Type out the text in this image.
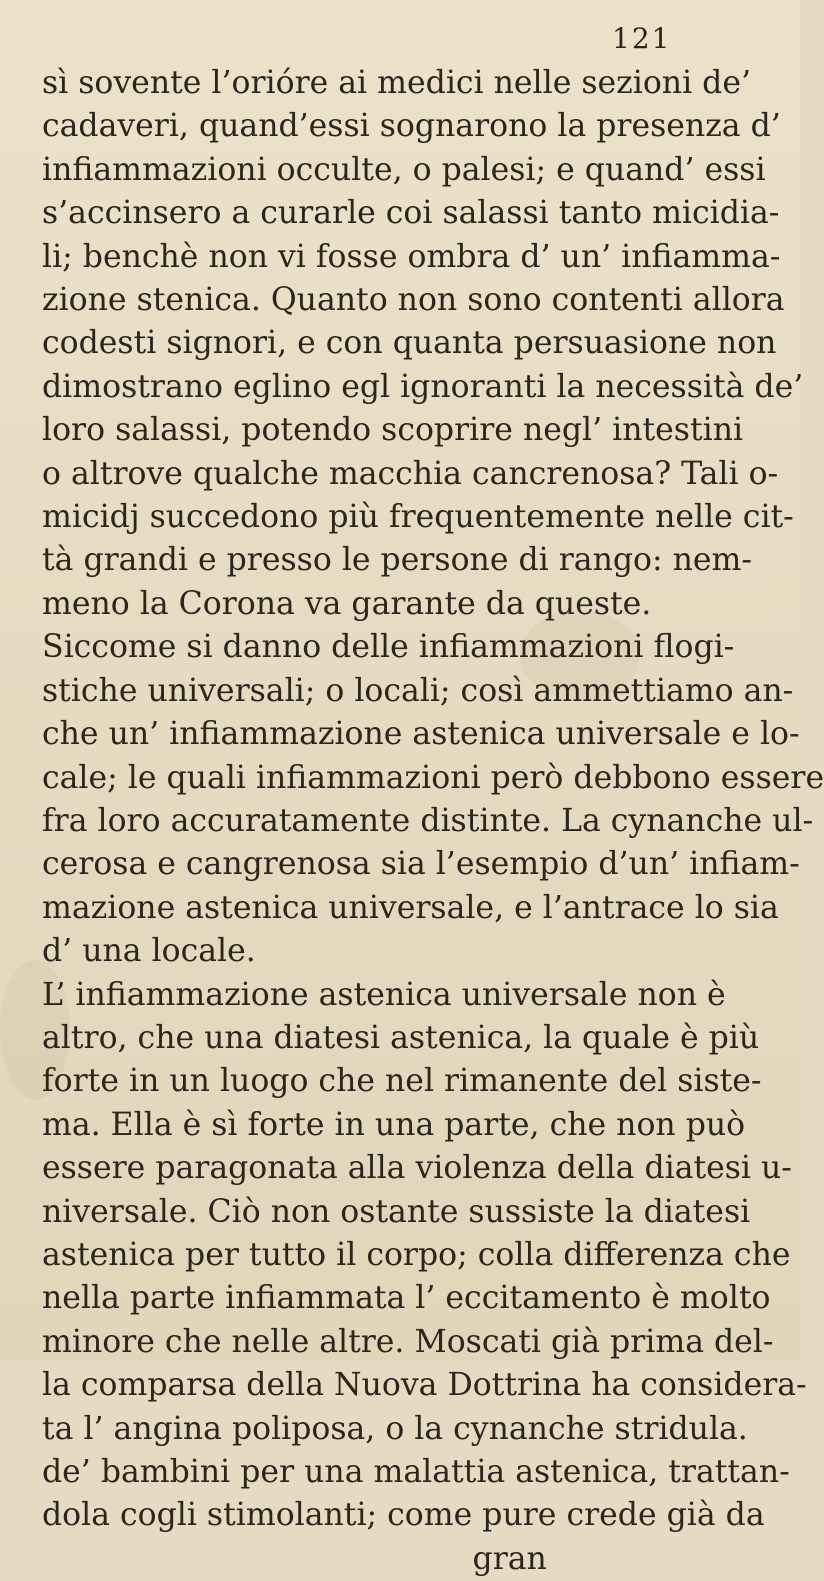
121
sì sovente l’orióre ai medici nelle sezioni de’
cadaveri, quand’essi sognarono la presenza d’
infiammazioni occulte, o palesi; e quand’ essi
s’accinsero a curarle coi salassi tanto micidia-
li; benchè non vi fosse ombra d’ un’ infiamma-
zione stenica. Quanto non sono contenti allora
codesti signori, e con quanta persuasione non
dimostrano eglino egl ignoranti la necessità de’
loro salassi, potendo scoprire negl’ intestini
o altrove qualche macchia cancrenosa? Tali o-
micidj succedono più frequentemente nelle cit-
tà grandi e presso le persone di rango: nem-
meno la Corona va garante da queste.
Siccome si danno delle infiammazioni flogi-
stiche universali; o locali; così ammettiamo an-
che un’ infiammazione astenica universale e lo-
cale; le quali infiammazioni però debbono essere
fra loro accuratamente distinte. La cynanche ul-
cerosa e cangrenosa sia l’esempio d’un’ infiam-
mazione astenica universale, e l’antrace lo sia
d’ una locale.
L’ infiammazione astenica universale non è
altro, che una diatesi astenica, la quale è più
forte in un luogo che nel rimanente del siste-
ma. Ella è sì forte in una parte, che non può
essere paragonata alla violenza della diatesi u-
niversale. Ciò non ostante sussiste la diatesi
astenica per tutto il corpo; colla differenza che
nella parte infiammata l’ eccitamento è molto
minore che nelle altre. Moscati già prima del-
la comparsa della Nuova Dottrina ha considera-
ta l’ angina poliposa, o la cynanche stridula.
de’ bambini per una malattia astenica, trattan-
dola cogli stimolanti; come pure crede già da
gran
